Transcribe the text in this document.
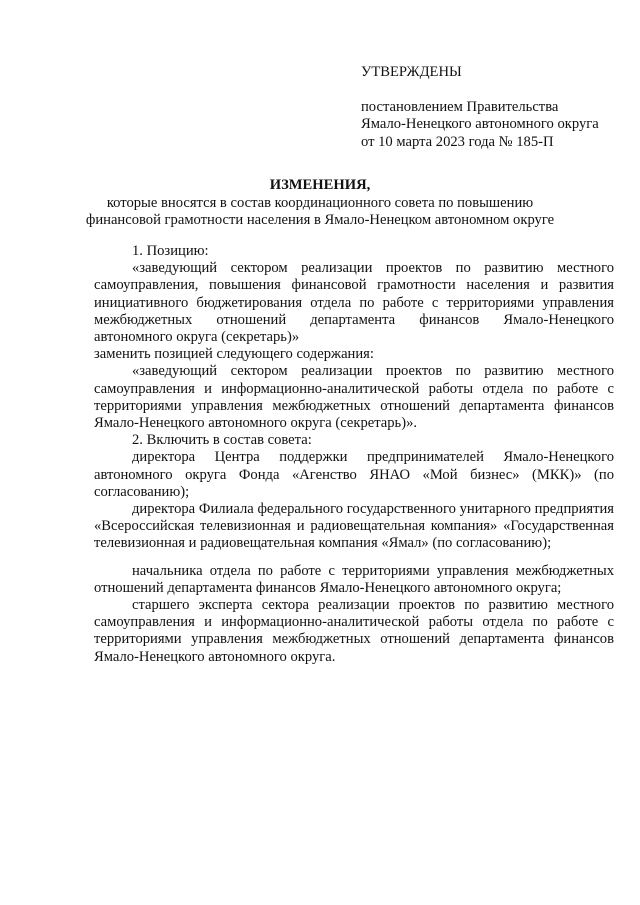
УТВЕРЖДЕНЫ
постановлением Правительства
Ямало-Ненецкого автономного округа
от 10 марта 2023 года № 185-П
ИЗМЕНЕНИЯ,
которые вносятся в состав координационного совета по повышению
финансовой грамотности населения в Ямало-Ненецком автономном округе

1. Позицию:

«заведующий сектором реализации проектов по развитию местного самоуправления, повышения финансовой грамотности населения и развития инициативного бюджетирования отдела по работе с территориями управления межбюджетных отношений департамента финансов Ямало-Ненецкого автономного округа (секретарь)»

заменить позицией следующего содержания:

«заведующий сектором реализации проектов по развитию местного самоуправления и информационно-аналитической работы отдела по работе с территориями управления межбюджетных отношений департамента финансов Ямало-Ненецкого автономного округа (секретарь)».

2. Включить в состав совета:

директора Центра поддержки предпринимателей Ямало-Ненецкого автономного округа Фонда «Агенство ЯНАО «Мой бизнес» (МКК)» (по согласованию);

директора Филиала федерального государственного унитарного предприятия «Всероссийская телевизионная и радиовещательная компания» «Государственная телевизионная и радиовещательная компания «Ямал» (по согласованию);

начальника отдела по работе с территориями управления межбюджетных отношений департамента финансов Ямало-Ненецкого автономного округа;

старшего эксперта сектора реализации проектов по развитию местного самоуправления и информационно-аналитической работы отдела по работе с территориями управления межбюджетных отношений департамента финансов Ямало-Ненецкого автономного округа.
